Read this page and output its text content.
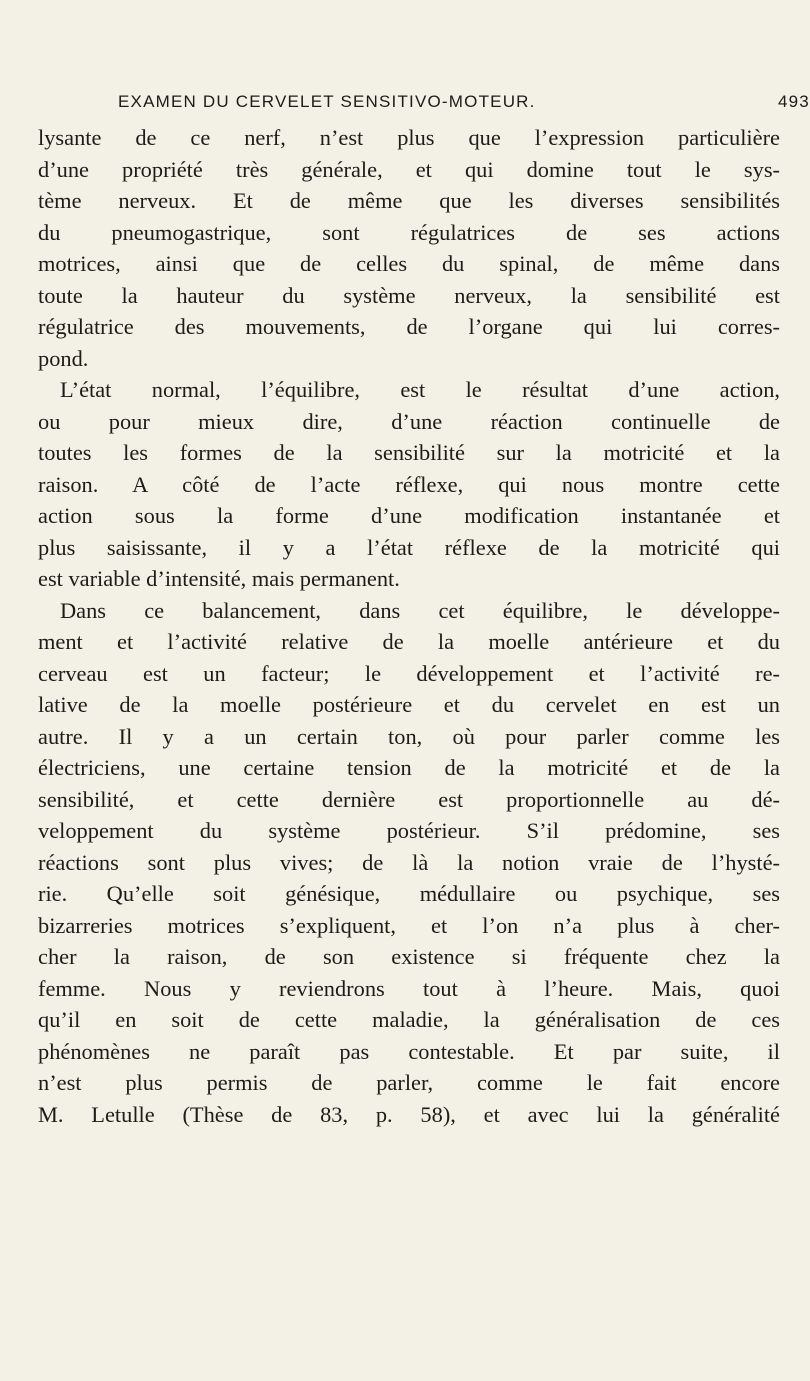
EXAMEN DU CERVELET SENSITIVO-MOTEUR.	493
lysante de ce nerf, n’est plus que l’expression particulière
d’une propriété très générale, et qui domine tout le sys-
tème nerveux. Et de même que les diverses sensibilités
du pneumogastrique, sont régulatrices de ses actions
motrices, ainsi que de celles du spinal, de même dans
toute la hauteur du système nerveux, la sensibilité est
régulatrice des mouvements, de l’organe qui lui corres-
pond.
L’état normal, l’équilibre, est le résultat d’une action,
ou pour mieux dire, d’une réaction continuelle de
toutes les formes de la sensibilité sur la motricité et la
raison. A côté de l’acte réflexe, qui nous montre cette
action sous la forme d’une modification instantanée et
plus saisissante, il y a l’état réflexe de la motricité qui
est variable d’intensité, mais permanent.
Dans ce balancement, dans cet équilibre, le développe-
ment et l’activité relative de la moelle antérieure et du
cerveau est un facteur; le développement et l’activité re-
lative de la moelle postérieure et du cervelet en est un
autre. Il y a un certain ton, où pour parler comme les
électriciens, une certaine tension de la motricité et de la
sensibilité, et cette dernière est proportionnelle au dé-
veloppement du système postérieur. S’il prédomine, ses
réactions sont plus vives; de là la notion vraie de l’hysté-
rie. Qu’elle soit génésique, médullaire ou psychique, ses
bizarreries motrices s’expliquent, et l’on n’a plus à cher-
cher la raison, de son existence si fréquente chez la
femme. Nous y reviendrons tout à l’heure. Mais, quoi
qu’il en soit de cette maladie, la généralisation de ces
phénomènes ne paraît pas contestable. Et par suite, il
n’est plus permis de parler, comme le fait encore
M. Letulle (Thèse de 83, p. 58), et avec lui la généralité
